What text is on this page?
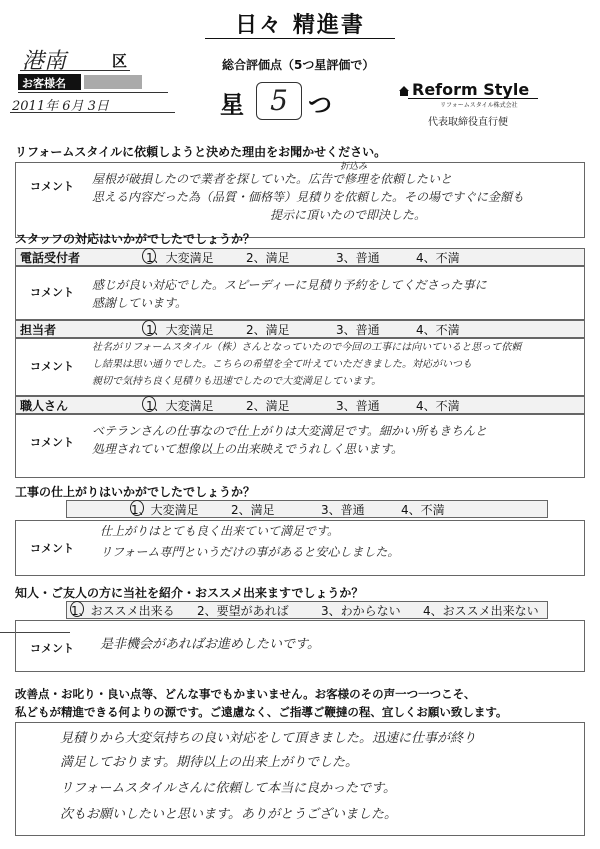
日々 精進書
港南	区
お客様名
2011年 6月 3日
総合評価点（5つ星評価で）
星 5 つ
Reform Style
リフォームスタイル株式会社
代表取締役直行便
リフォームスタイルに依頼しようと決めた理由をお聞かせください。
コメント
折込み
屋根が破損したので業者を探していた。広告で修理を依頼したいと
思える内容だった為（品質・価格等）見積りを依頼した。その場ですぐに金額も
提示に頂いたので即決した。
スタッフの対応はいかがでしたでしょうか？
電話受付者	1、大変満足	2、満足	3、普通	4、不満
コメント
感じが良い対応でした。スピーディーに見積り予約をしてくださった事に
感謝しています。
担当者	1、大変満足	2、満足	3、普通	4、不満
コメント
社名がリフォームスタイル（株）さんとなっていたので今回の工事には向いていると思って依頼
し結果は思い通りでした。こちらの希望を全て叶えていただきました。対応がいつも
親切で気持ち良く見積りも迅速でしたので大変満足しています。
職人さん	1、大変満足	2、満足	3、普通	4、不満
コメント
ベテランさんの仕事なので仕上がりは大変満足です。細かい所もきちんと
処理されていて想像以上の出来映えでうれしく思います。
工事の仕上がりはいかがでしたでしょうか？
1、大変満足	2、満足	3、普通	4、不満
コメント
仕上がりはとても良く出来ていて満足です。
リフォーム専門というだけの事があると安心しました。
知人・ご友人の方に当社を紹介・おススメ出来ますでしょうか？
1、おススメ出来る 2、要望があれば	3、わからない 4、おススメ出来ない
コメント 是非機会があればお進めしたいです。
改善点・お叱り・良い点等、どんな事でもかまいません。お客様のその声一つ一つこそ、
私どもが精進できる何よりの源です。ご遠慮なく、ご指導ご鞭撻の程、宜しくお願い致します。
見積りから大変気持ちの良い対応をして頂きました。迅速に仕事が終り
満足しております。期待以上の出来上がりでした。
リフォームスタイルさんに依頼して本当に良かったです。
次もお願いしたいと思います。ありがとうございました。
